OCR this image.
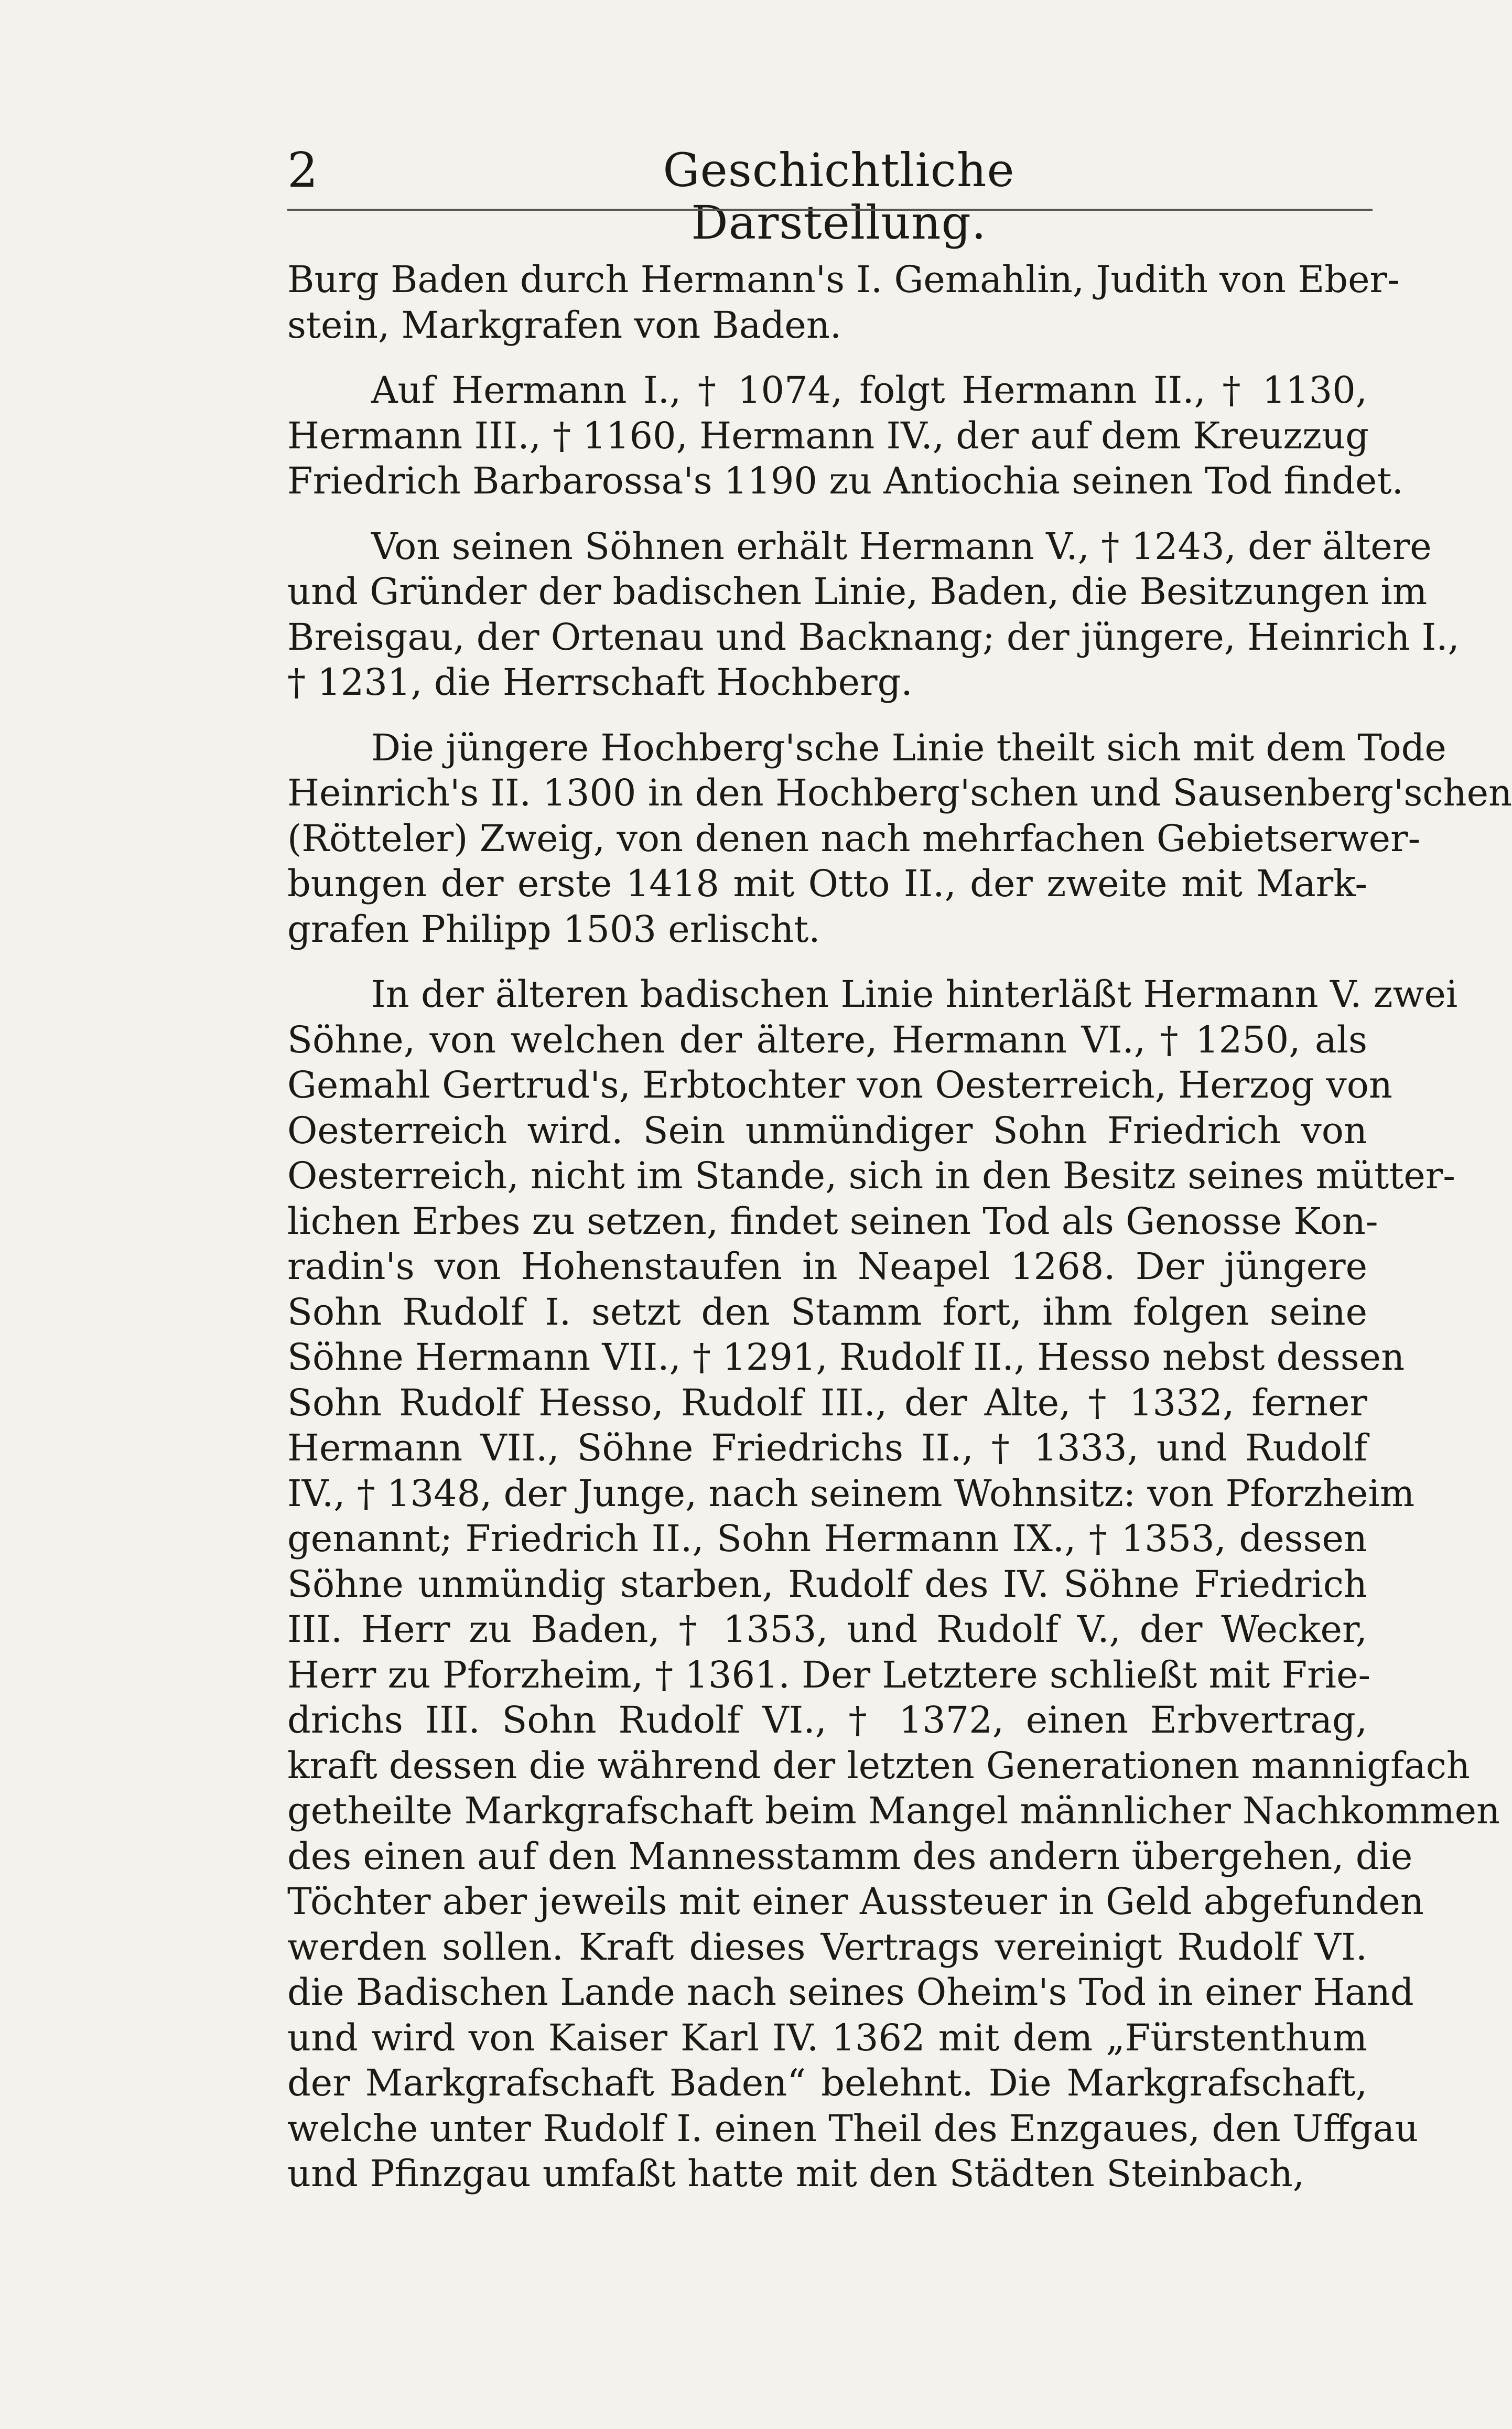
2	Geschichtliche Darstellung.
Burg Baden durch Hermann's I. Gemahlin, Judith von Eber-
stein, Markgrafen von Baden.
Auf Hermann I., † 1074, folgt Hermann II., † 1130,
Hermann III., † 1160, Hermann IV., der auf dem Kreuzzug
Friedrich Barbarossa's 1190 zu Antiochia seinen Tod findet.
Von seinen Söhnen erhält Hermann V., † 1243, der ältere
und Gründer der badischen Linie, Baden, die Besitzungen im
Breisgau, der Ortenau und Backnang; der jüngere, Heinrich I.,
† 1231, die Herrschaft Hochberg.
Die jüngere Hochberg'sche Linie theilt sich mit dem Tode
Heinrich's II. 1300 in den Hochberg'schen und Sausenberg'schen
(Rötteler) Zweig, von denen nach mehrfachen Gebietserwer-
bungen der erste 1418 mit Otto II., der zweite mit Mark-
grafen Philipp 1503 erlischt.
In der älteren badischen Linie hinterläßt Hermann V. zwei
Söhne, von welchen der ältere, Hermann VI., † 1250, als
Gemahl Gertrud's, Erbtochter von Oesterreich, Herzog von
Oesterreich wird. Sein unmündiger Sohn Friedrich von
Oesterreich, nicht im Stande, sich in den Besitz seines mütter-
lichen Erbes zu setzen, findet seinen Tod als Genosse Kon-
radin's von Hohenstaufen in Neapel 1268. Der jüngere
Sohn Rudolf I. setzt den Stamm fort, ihm folgen seine
Söhne Hermann VII., † 1291, Rudolf II., Hesso nebst dessen
Sohn Rudolf Hesso, Rudolf III., der Alte, † 1332, ferner
Hermann VII., Söhne Friedrichs II., † 1333, und Rudolf
IV., † 1348, der Junge, nach seinem Wohnsitz: von Pforzheim
genannt; Friedrich II., Sohn Hermann IX., † 1353, dessen
Söhne unmündig starben, Rudolf des IV. Söhne Friedrich
III. Herr zu Baden, † 1353, und Rudolf V., der Wecker,
Herr zu Pforzheim, † 1361. Der Letztere schließt mit Frie-
drichs III. Sohn Rudolf VI., † 1372, einen Erbvertrag,
kraft dessen die während der letzten Generationen mannigfach
getheilte Markgrafschaft beim Mangel männlicher Nachkommen
des einen auf den Mannesstamm des andern übergehen, die
Töchter aber jeweils mit einer Aussteuer in Geld abgefunden
werden sollen. Kraft dieses Vertrags vereinigt Rudolf VI.
die Badischen Lande nach seines Oheim's Tod in einer Hand
und wird von Kaiser Karl IV. 1362 mit dem „Fürstenthum
der Markgrafschaft Baden“ belehnt. Die Markgrafschaft,
welche unter Rudolf I. einen Theil des Enzgaues, den Uffgau
und Pfinzgau umfaßt hatte mit den Städten Steinbach,
